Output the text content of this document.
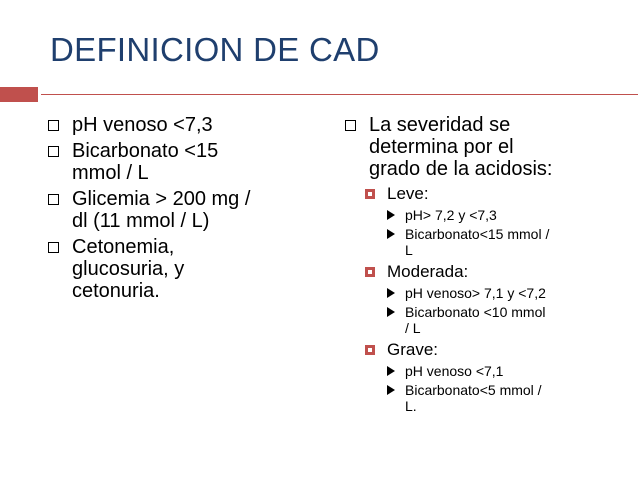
DEFINICION DE CAD
pH venoso <7,3
Bicarbonato <15
mmol / L
Glicemia > 200 mg /
dl (11 mmol / L)
Cetonemia,
glucosuria, y
cetonuria.
La severidad se
determina por el
grado de la acidosis:
Leve:
pH> 7,2 y <7,3
Bicarbonato<15 mmol /
L
Moderada:
pH venoso> 7,1 y <7,2
Bicarbonato <10 mmol
/ L
Grave:
pH venoso <7,1
Bicarbonato<5 mmol /
L.
